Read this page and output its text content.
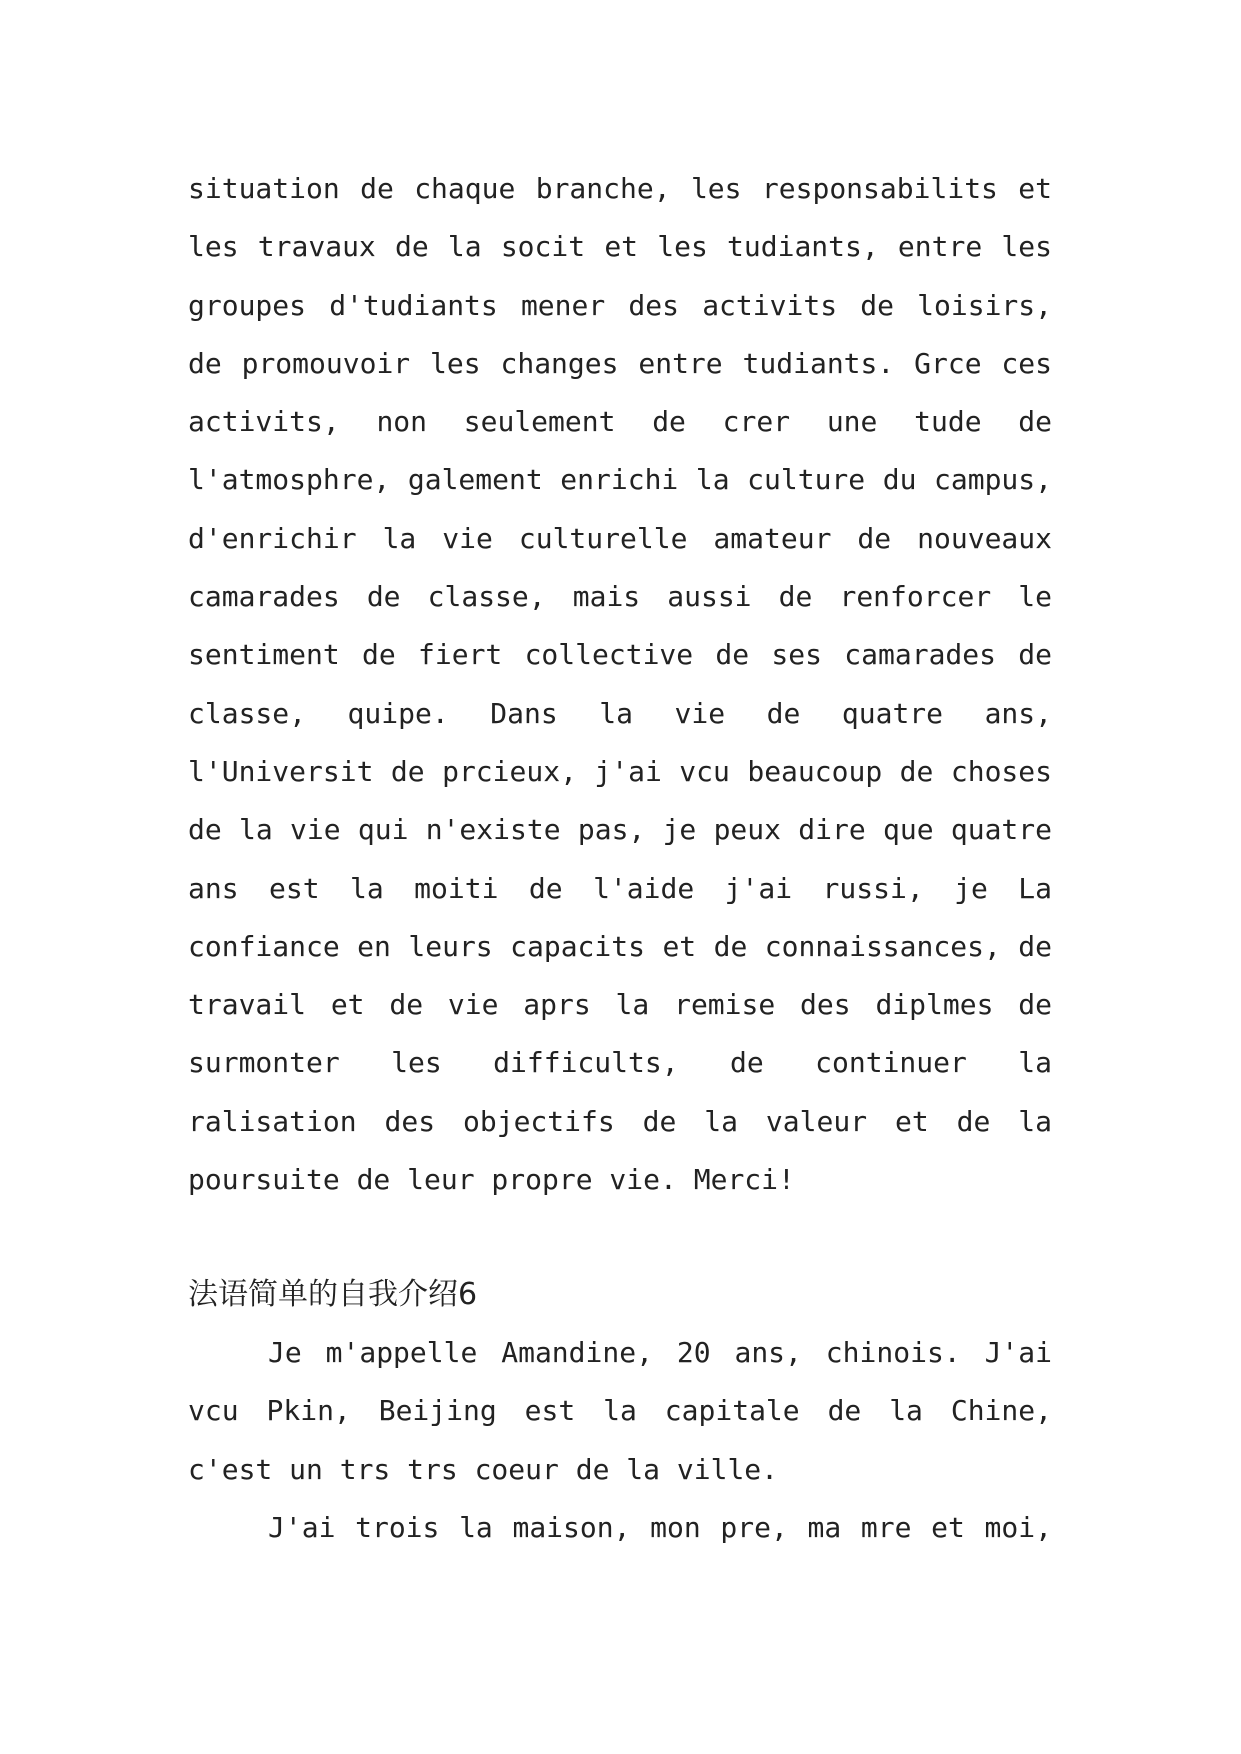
situation de chaque branche, les responsabilits et
les travaux de la socit et les tudiants, entre les
groupes d'tudiants mener des activits de loisirs,
de promouvoir les changes entre tudiants. Grce ces
activits, non seulement de crer une tude de
l'atmosphre, galement enrichi la culture du campus,
d'enrichir la vie culturelle amateur de nouveaux
camarades de classe, mais aussi de renforcer le
sentiment de fiert collective de ses camarades de
classe, quipe. Dans la vie de quatre ans,
l'Universit de prcieux, j'ai vcu beaucoup de choses
de la vie qui n'existe pas, je peux dire que quatre
ans est la moiti de l'aide j'ai russi, je La
confiance en leurs capacits et de connaissances, de
travail et de vie aprs la remise des diplmes de
surmonter les difficults, de continuer la
ralisation des objectifs de la valeur et de la
poursuite de leur propre vie. Merci!
法语简单的自我介绍6
Je m'appelle Amandine, 20 ans, chinois. J'ai
vcu Pkin, Beijing est la capitale de la Chine,
c'est un trs trs coeur de la ville.
J'ai trois la maison, mon pre, ma mre et moi,
